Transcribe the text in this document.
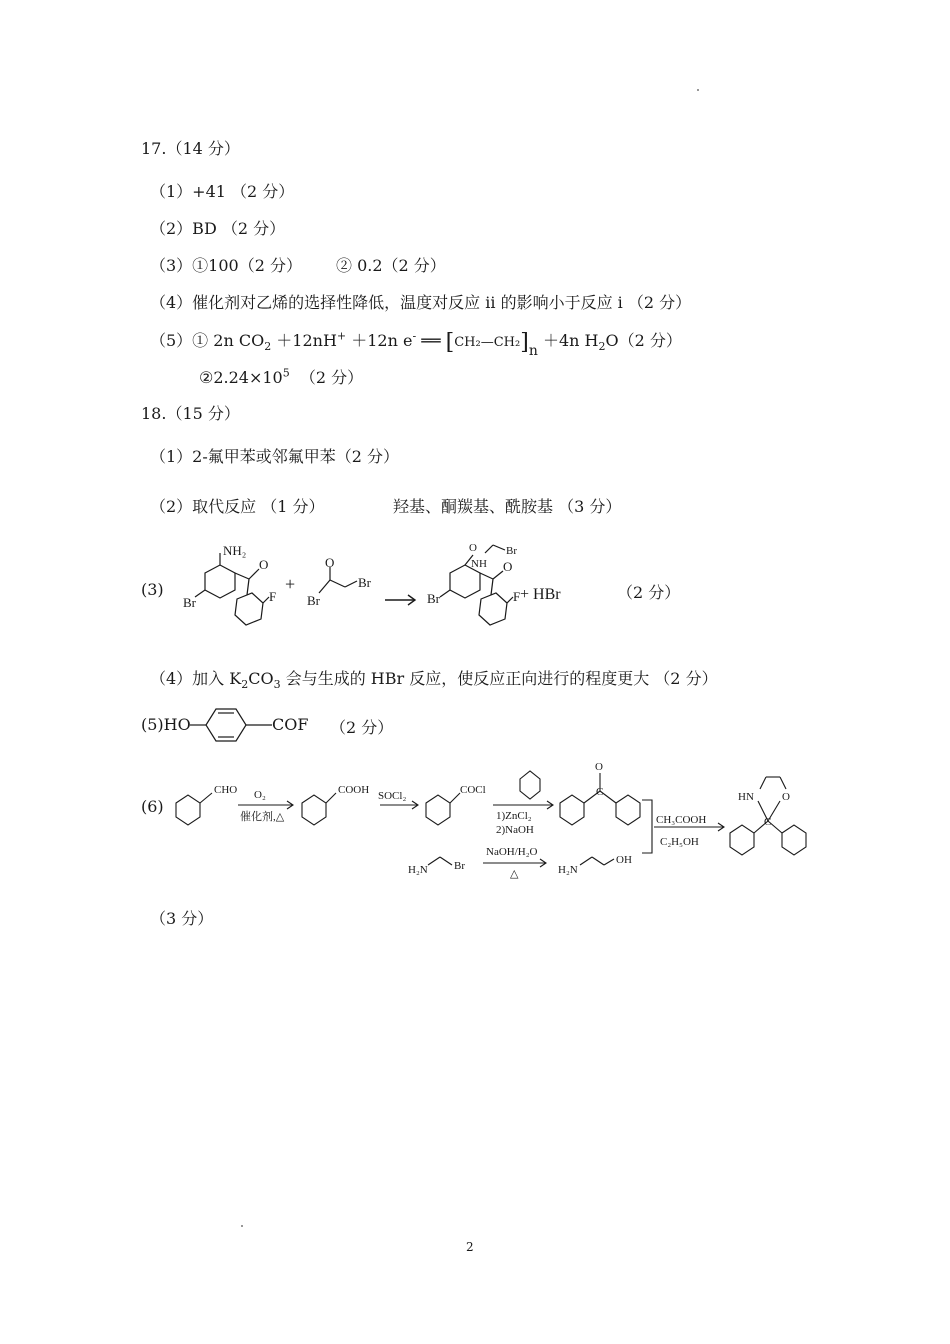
17.（14 分）
（1）+41 （2 分）
（2）BD （2 分）
（3）①100（2 分） ② 0.2（2 分）
（4）催化剂对乙烯的选择性降低，温度对反应 ii 的影响小于反应 i （2 分）
（5）① 2n $CO_2 +12nH^+ +12n$ e- ══ [CH₂—CH₂]n ＋4n $H_2O(2$ 分）
$②2.24\times 10^5$ （2 分）
18.（15 分）
（1）2-氟甲苯或邻氟甲苯（2 分）
（2）取代反应 （1 分）	羟基、酮羰基、酰胺基 （3 分）
(3)
NH₂
O
Br	F
+
O
Br
Br
O
NH
Br
O
Br	F + HBr	（2 分）
（4）加入 $K_2CO_3$ 会与生成的 HBr 反应，使反应正向进行的程度更大 （2 分）
(5)HO	COF （2 分）
(6)
CHO O₂
催化剂,△
COOH SOCl₂	COCl
1)ZnCl₂
2)NaOH
O
C
CH₃COOH
C₂H₅OH
HN	O
C
H₂N Br
NaOH/H₂O
△	H₂N
OH
（3 分）
2
